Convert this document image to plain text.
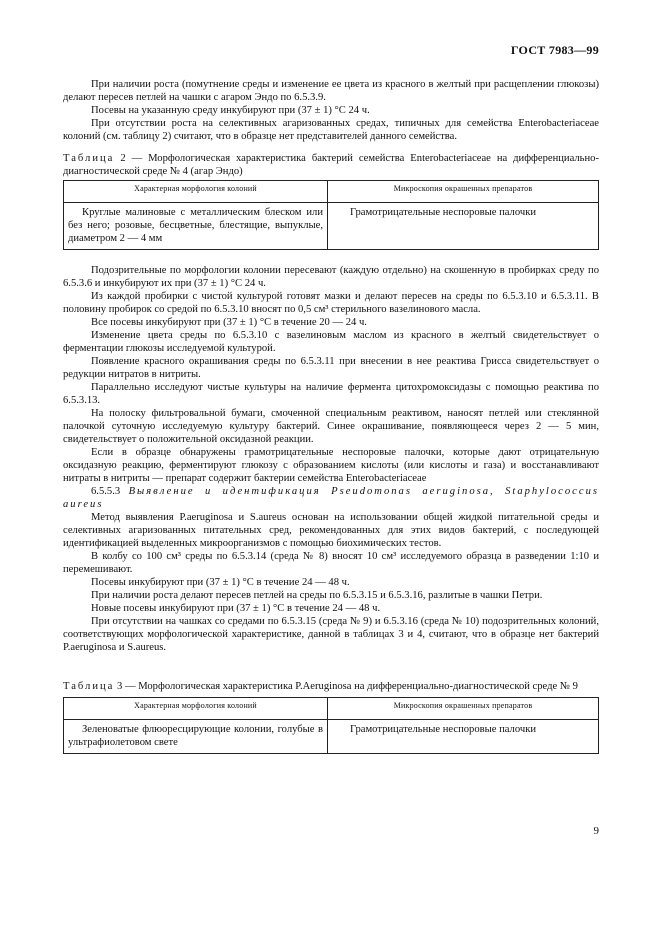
ГОСТ 7983—99

При наличии роста (помутнение среды и изменение ее цвета из красного в желтый при расщеплении глюкозы) делают пересев петлей на чашки с агаром Эндо по 6.5.3.9.

Посевы на указанную среду инкубируют при (37 ± 1) °С 24 ч.

При отсутствии роста на селективных агаризованных средах, типичных для семейства Enterobacteriaceae колоний (см. таблицу 2) считают, что в образце нет представителей данного семейства.

Таблица 2 — Морфологическая характеристика бактерий семейства Enterobacteriaceae на дифференциально-диагностической среде № 4 (агар Эндо)

Характерная морфология колоний	Микроскопия окрашенных препаратов
Круглые малиновые с металлическим блеском или без него; розовые, бесцветные, блестящие, выпуклые, диаметром 2 — 4 мм	Грамотрицательные неспоровые палочки

Подозрительные по морфологии колонии пересевают (каждую отдельно) на скошенную в пробирках среду по 6.5.3.6 и инкубируют их при (37 ± 1) °С 24 ч.

Из каждой пробирки с чистой культурой готовят мазки и делают пересев на среды по 6.5.3.10 и 6.5.3.11. В половину пробирок со средой по 6.5.3.10 вносят по 0,5 см³ стерильного вазелинового масла.

Все посевы инкубируют при (37 ± 1) °С в течение 20 — 24 ч.

Изменение цвета среды по 6.5.3.10 с вазелиновым маслом из красного в желтый свидетельствует о ферментации глюкозы исследуемой культурой.

Появление красного окрашивания среды по 6.5.3.11 при внесении в нее реактива Грисса свидетельствует о редукции нитратов в нитриты.

Параллельно исследуют чистые культуры на наличие фермента цитохромоксидазы с помощью реактива по 6.5.3.13.

На полоску фильтровальной бумаги, смоченной специальным реактивом, наносят петлей или стеклянной палочкой суточную исследуемую культуру бактерий. Синее окрашивание, появляющееся через 2 — 5 мин, свидетельствует о положительной оксидазной реакции.

Если в образце обнаружены грамотрицательные неспоровые палочки, которые дают отрицательную оксидазную реакцию, ферментируют глюкозу с образованием кислоты (или кислоты и газа) и восстанавливают нитраты в нитриты — препарат содержит бактерии семейства Enterobacteriaceae

6.5.5.3 Выявление и идентификация Pseudomonas aeruginosa, Staphylococcus aureus

Метод выявления P.aeruginosa и S.aureus основан на использовании общей жидкой питательной среды и селективных агаризованных питательных сред, рекомендованных для этих видов бактерий, с последующей идентификацией выделенных микроорганизмов с помощью биохимических тестов.

В колбу со 100 см³ среды по 6.5.3.14 (среда № 8) вносят 10 см³ исследуемого образца в разведении 1:10 и перемешивают.

Посевы инкубируют при (37 ± 1) °С в течение 24 — 48 ч.

При наличии роста делают пересев петлей на среды по 6.5.3.15 и 6.5.3.16, разлитые в чашки Петри.

Новые посевы инкубируют при (37 ± 1) °С в течение 24 — 48 ч.

При отсутствии на чашках со средами по 6.5.3.15 (среда № 9) и 6.5.3.16 (среда № 10) подозрительных колоний, соответствующих морфологической характеристике, данной в таблицах 3 и 4, считают, что в образце нет бактерий P.aeruginosa и S.aureus.

Таблица 3 — Морфологическая характеристика P.Aeruginosa на дифференциально-диагностической среде № 9

Характерная морфология колоний	Микроскопия окрашенных препаратов
Зеленоватые флюоресцирующие колонии, голубые в ультрафиолетовом свете	Грамотрицательные неспоровые палочки
9
